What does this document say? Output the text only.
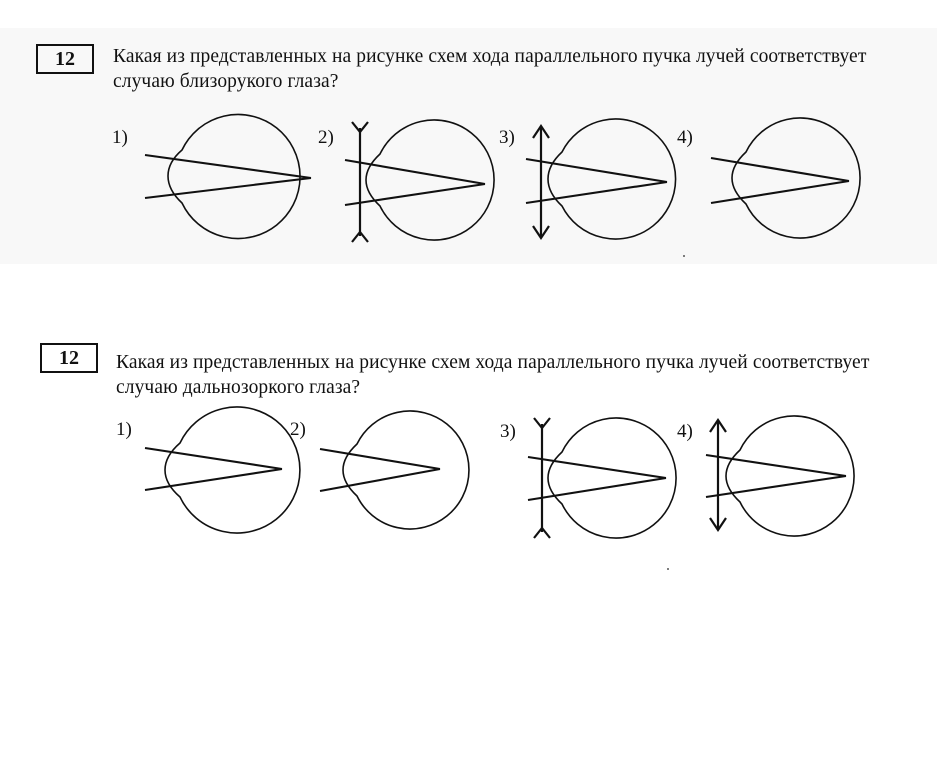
12	Какая из представленных на рисунке схем хода параллельного пучка лучей соответствует случаю близорукого глаза?
1)	2)	3)	4)
12	Какая из представленных на рисунке схем хода параллельного пучка лучей соответствует случаю дальнозоркого глаза?
1)	2)	3)	4)
